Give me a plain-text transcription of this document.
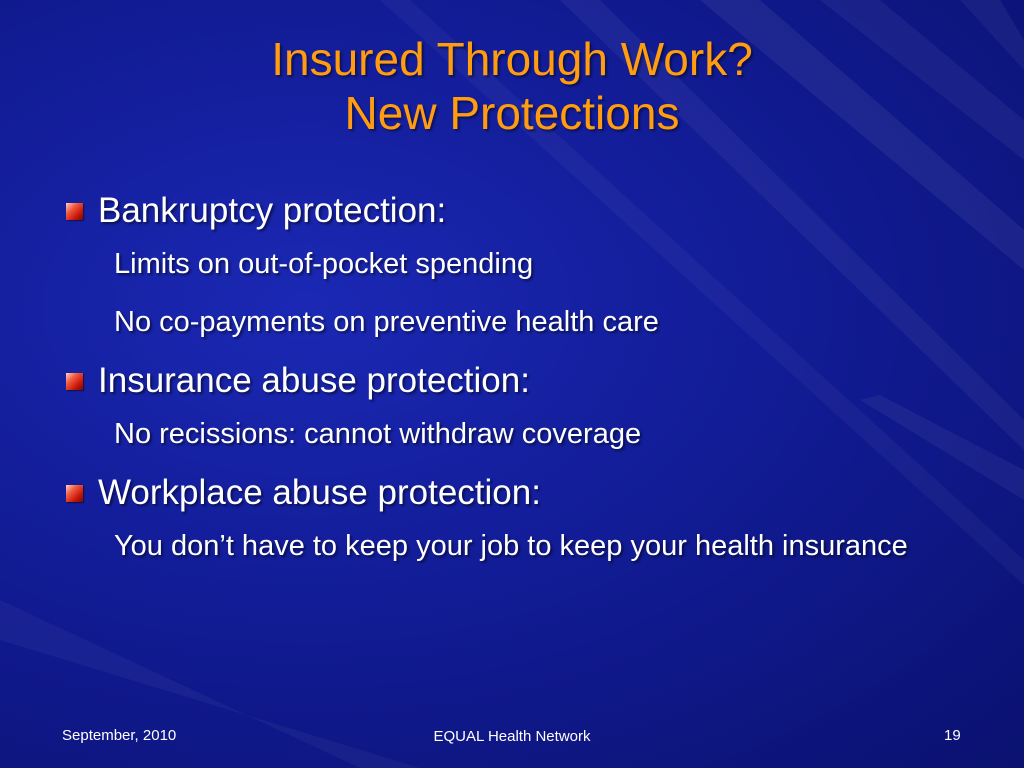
Insured Through Work?
New Protections
Bankruptcy protection:
Limits on out-of-pocket spending
No co-payments on preventive health care
Insurance abuse protection:
No recissions: cannot withdraw coverage
Workplace abuse protection:
You don’t have to keep your job to keep your health insurance
September, 2010	EQUAL Health Network	19
